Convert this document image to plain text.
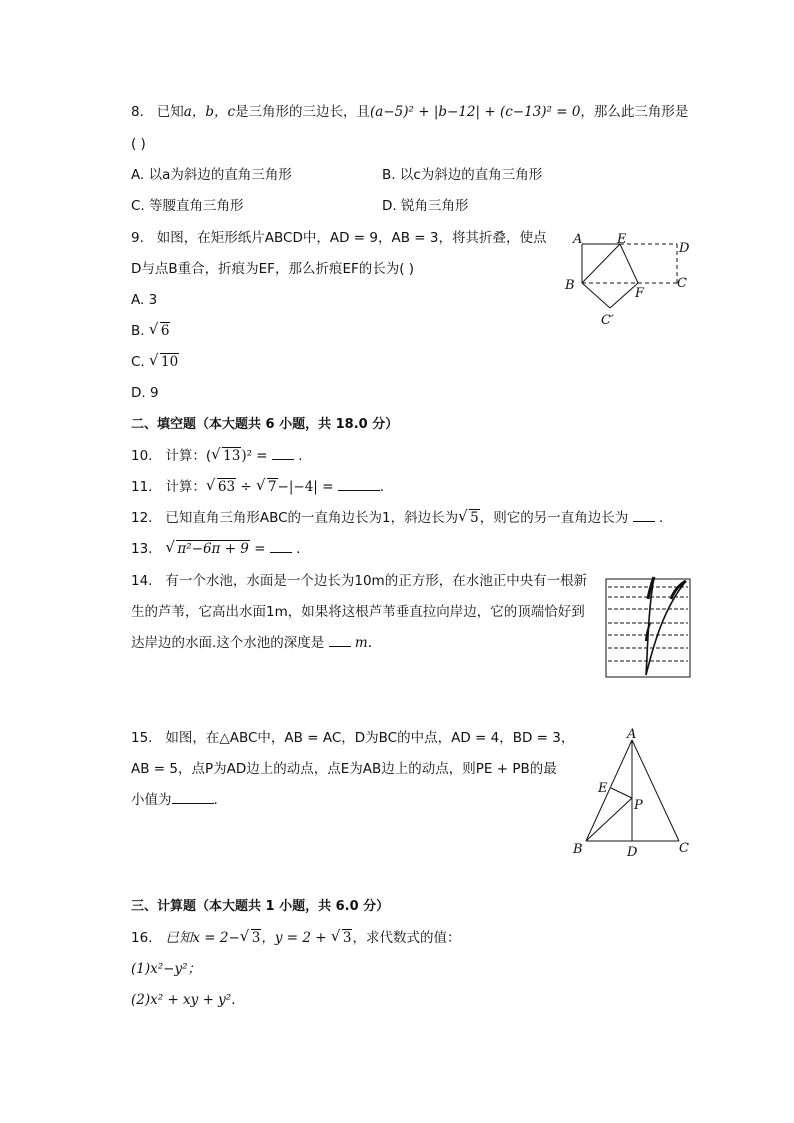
8. 已知a，b，c是三角形的三边长，且(a−5)² + |b−12| + (c−13)² = 0，那么此三角形是
( )
A. 以a为斜边的直角三角形	B. 以c为斜边的直角三角形
C. 等腰直角三角形	D. 锐角三角形
9. 如图，在矩形纸片ABCD中，AD = 9，AB = 3，将其折叠，使点
D与点B重合，折痕为EF，那么折痕EF的长为( )
A. 3
B. √ 6
C. √ 10
D. 9
A	E
D
B
F
C
C′
二、填空题（本大题共 6 小题，共 18.0 分）
10. 计算：( √ 13)² =  .
11. 计算： √ 63 ÷ √ 7−|−4| =	.
12. 已知直角三角形ABC的一直角边长为1，斜边长为 √ 5，则它的另一直角边长为  .
13. √ π²−6π + 9 =  .
14. 有一个水池，水面是一个边长为10m的正方形，在水池正中央有一根新
生的芦苇，它高出水面1m，如果将这根芦苇垂直拉向岸边，它的顶端恰好到
达岸边的水面.这个水池的深度是 m.
15. 如图，在△ABC中，AB = AC，D为BC的中点，AD = 4，BD = 3，
AB = 5，点P为AD边上的动点，点E为AB边上的动点，则PE + PB的最
小值为	.
A
E
P
B	D	C
三、计算题（本大题共 1 小题，共 6.0 分）
16. 已知x = 2− √ 3，y = 2 + √ 3，求代数式的值：
(1)x²−y²；
(2)x² + xy + y².
